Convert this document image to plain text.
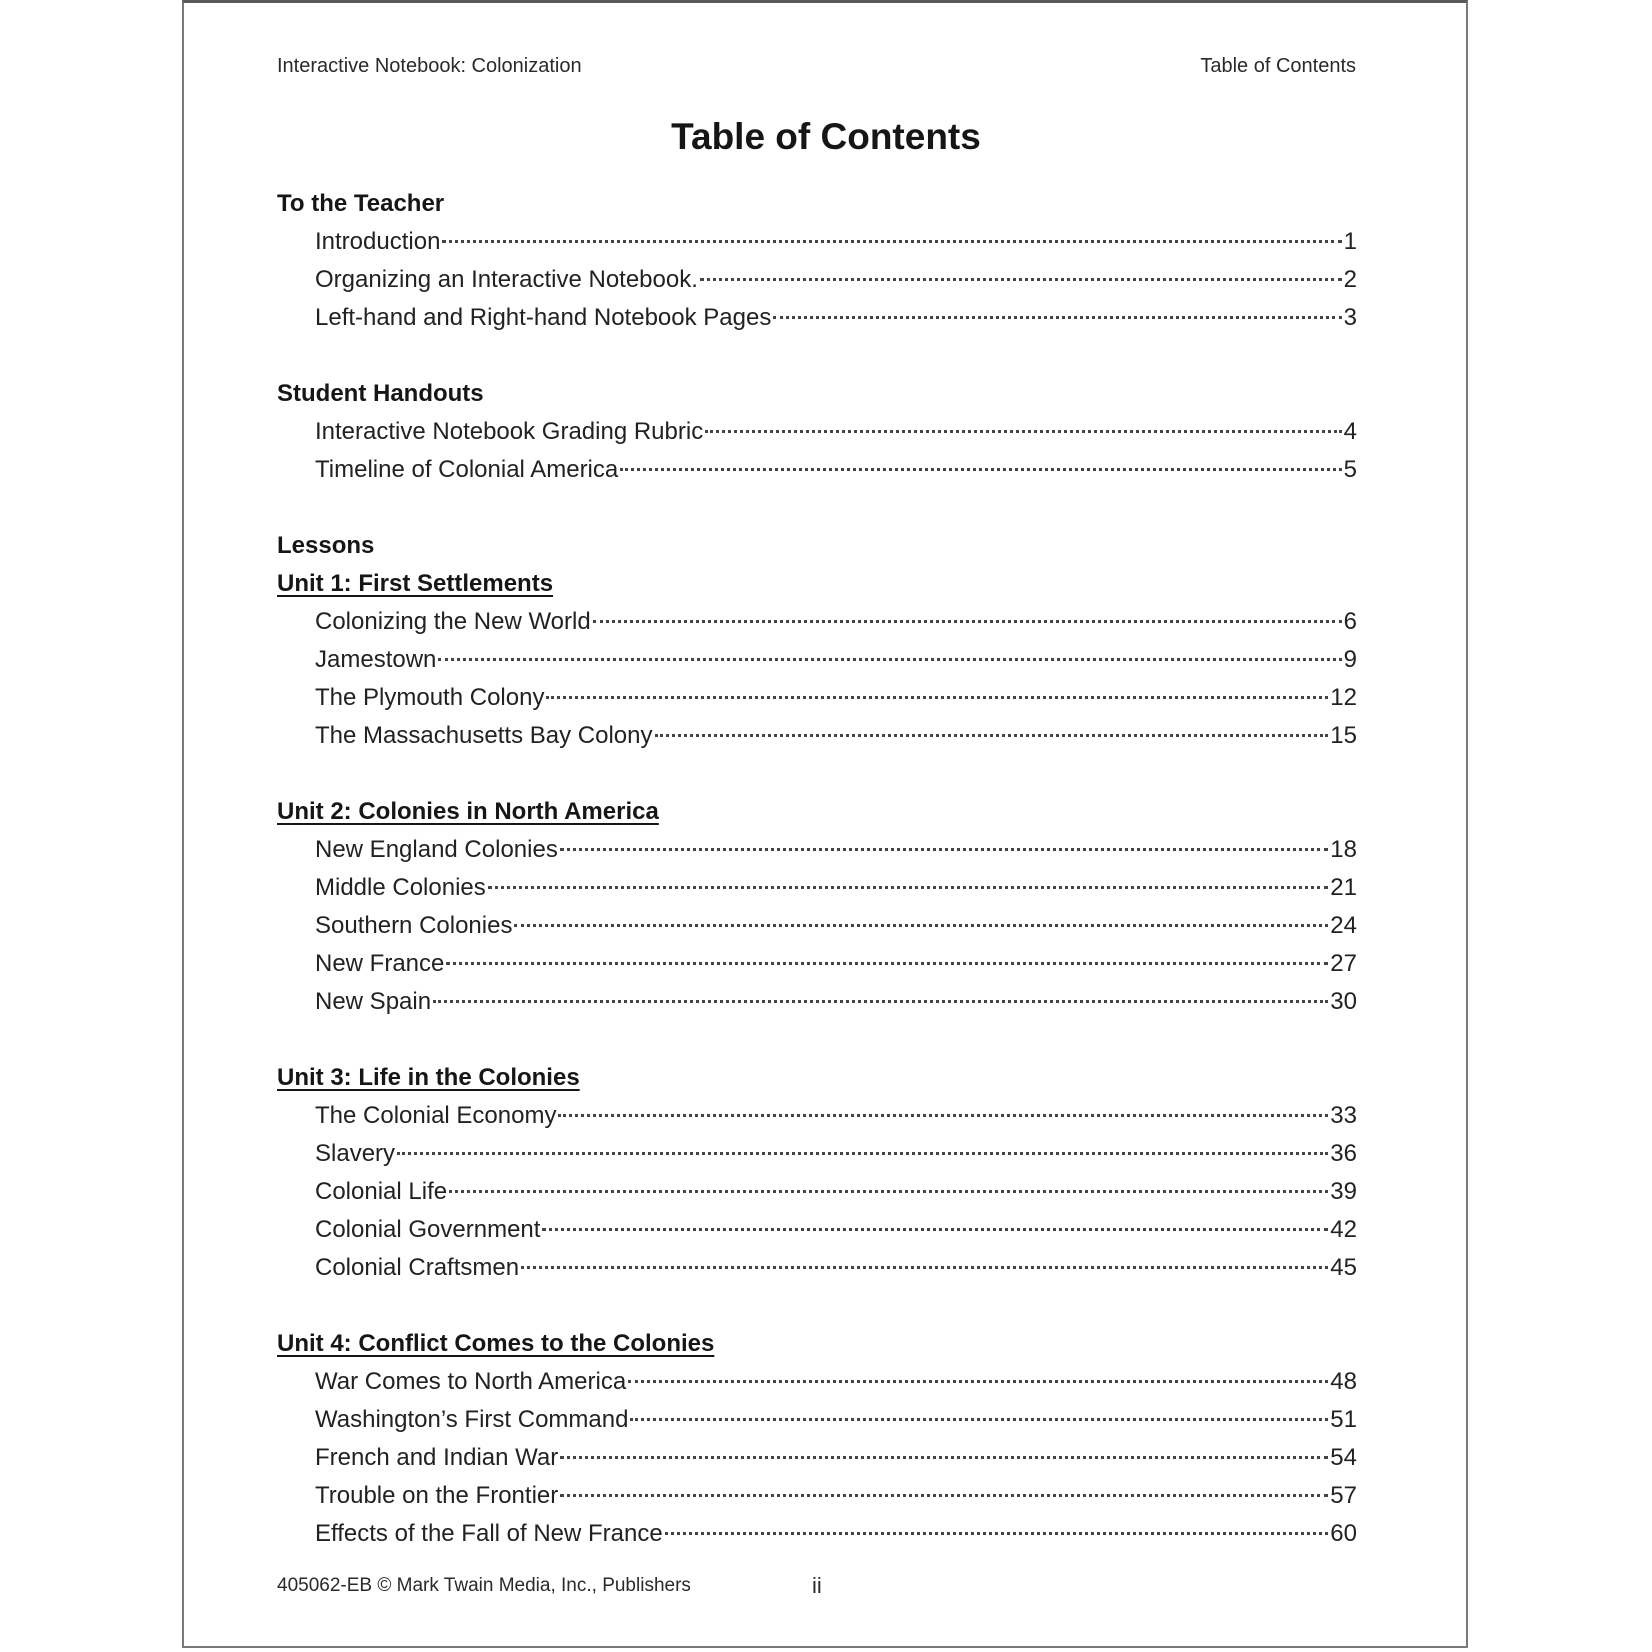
Interactive Notebook: Colonization	Table of Contents
Table of Contents
To the Teacher
Introduction	1
Organizing an Interactive Notebook.	2
Left-hand and Right-hand Notebook Pages	3
Student Handouts
Interactive Notebook Grading Rubric	4
Timeline of Colonial America	5
Lessons
Unit 1: First Settlements
Colonizing the New World	6
Jamestown	9
The Plymouth Colony	12
The Massachusetts Bay Colony	15
Unit 2: Colonies in North America
New England Colonies	18
Middle Colonies	21
Southern Colonies	24
New France	27
New Spain	30
Unit 3: Life in the Colonies
The Colonial Economy	33
Slavery	36
Colonial Life	39
Colonial Government	42
Colonial Craftsmen	45
Unit 4: Conflict Comes to the Colonies
War Comes to North America	48
Washington’s First Command	51
French and Indian War	54
Trouble on the Frontier	57
Effects of the Fall of New France	60
405062-EB © Mark Twain Media, Inc., Publishers	ii
